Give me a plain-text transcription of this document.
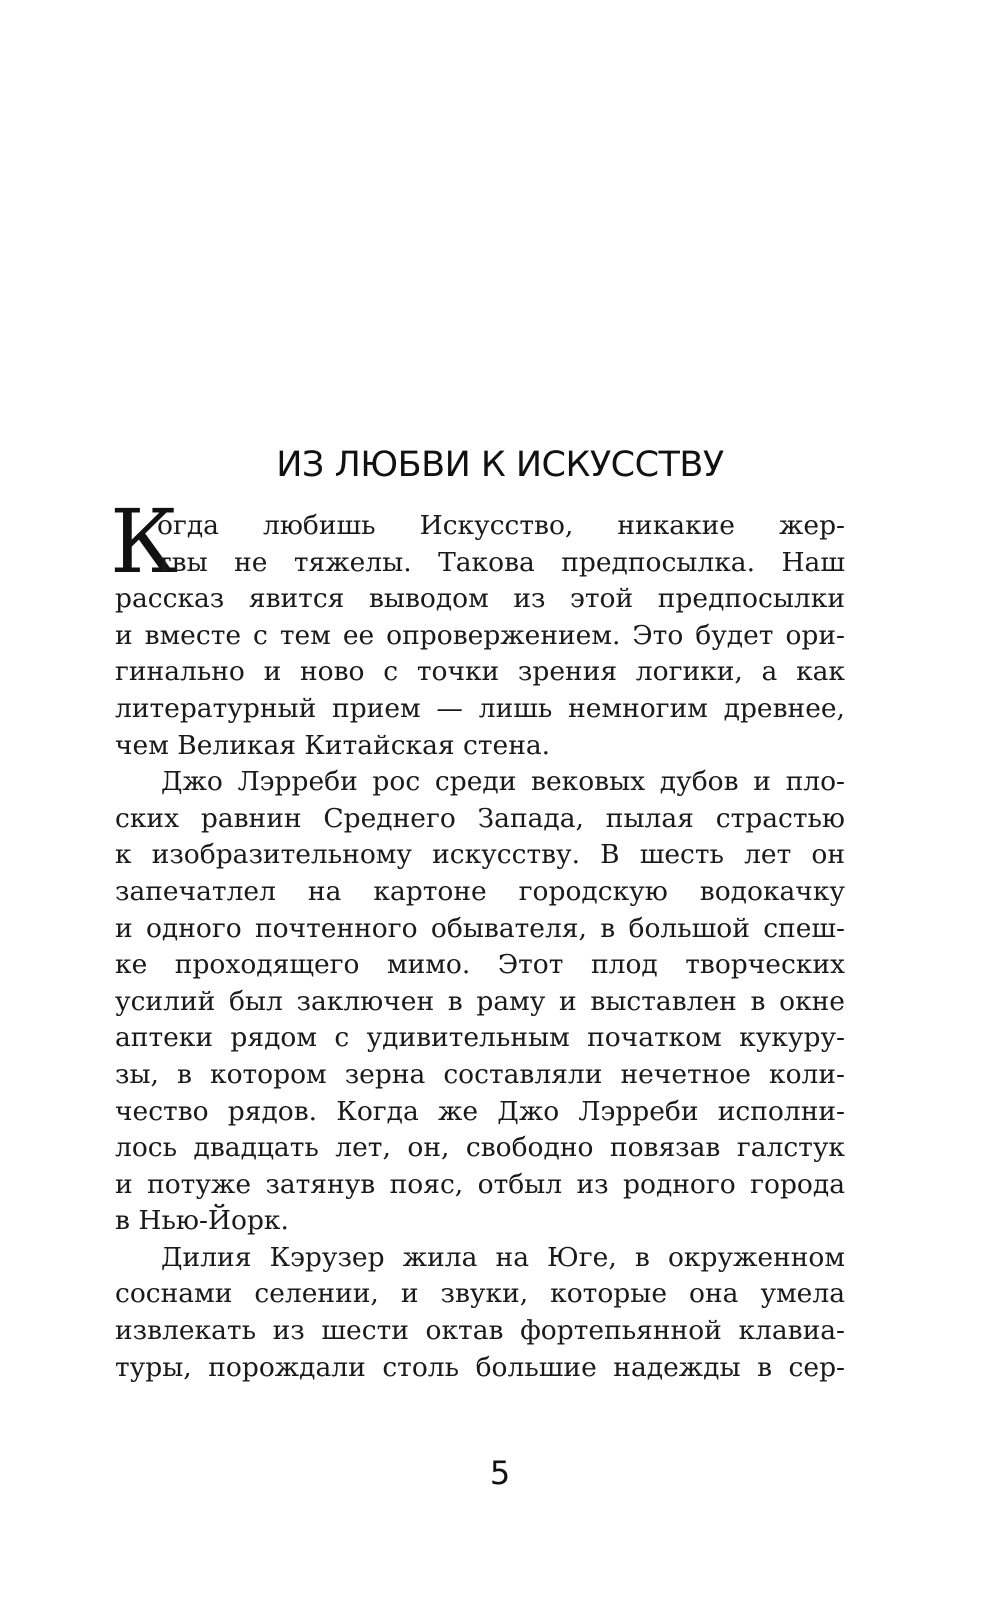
ИЗ ЛЮБВИ К ИСКУССТВУ
К
огда любишь Искусство, никакие жер-
твы не тяжелы. Такова предпосылка. Наш
рассказ явится выводом из этой предпосылки
и вместе с тем ее опровержением. Это будет ори-
гинально и ново с точки зрения логики, а как
литературный прием — лишь немногим древнее,
чем Великая Китайская стена.
Джо Лэрреби рос среди вековых дубов и пло-
ских равнин Среднего Запада, пылая страстью
к изобразительному искусству. В шесть лет он
запечатлел на картоне городскую водокачку
и одного почтенного обывателя, в большой спеш-
ке проходящего мимо. Этот плод творческих
усилий был заключен в раму и выставлен в окне
аптеки рядом с удивительным початком кукуру-
зы, в котором зерна составляли нечетное коли-
чество рядов. Когда же Джо Лэрреби исполни-
лось двадцать лет, он, свободно повязав галстук
и потуже затянув пояс, отбыл из родного города
в Нью-Йорк.
Дилия Кэрузер жила на Юге, в окруженном
соснами селении, и звуки, которые она умела
извлекать из шести октав фортепьянной клавиа-
туры, порождали столь большие надежды в сер-
5
